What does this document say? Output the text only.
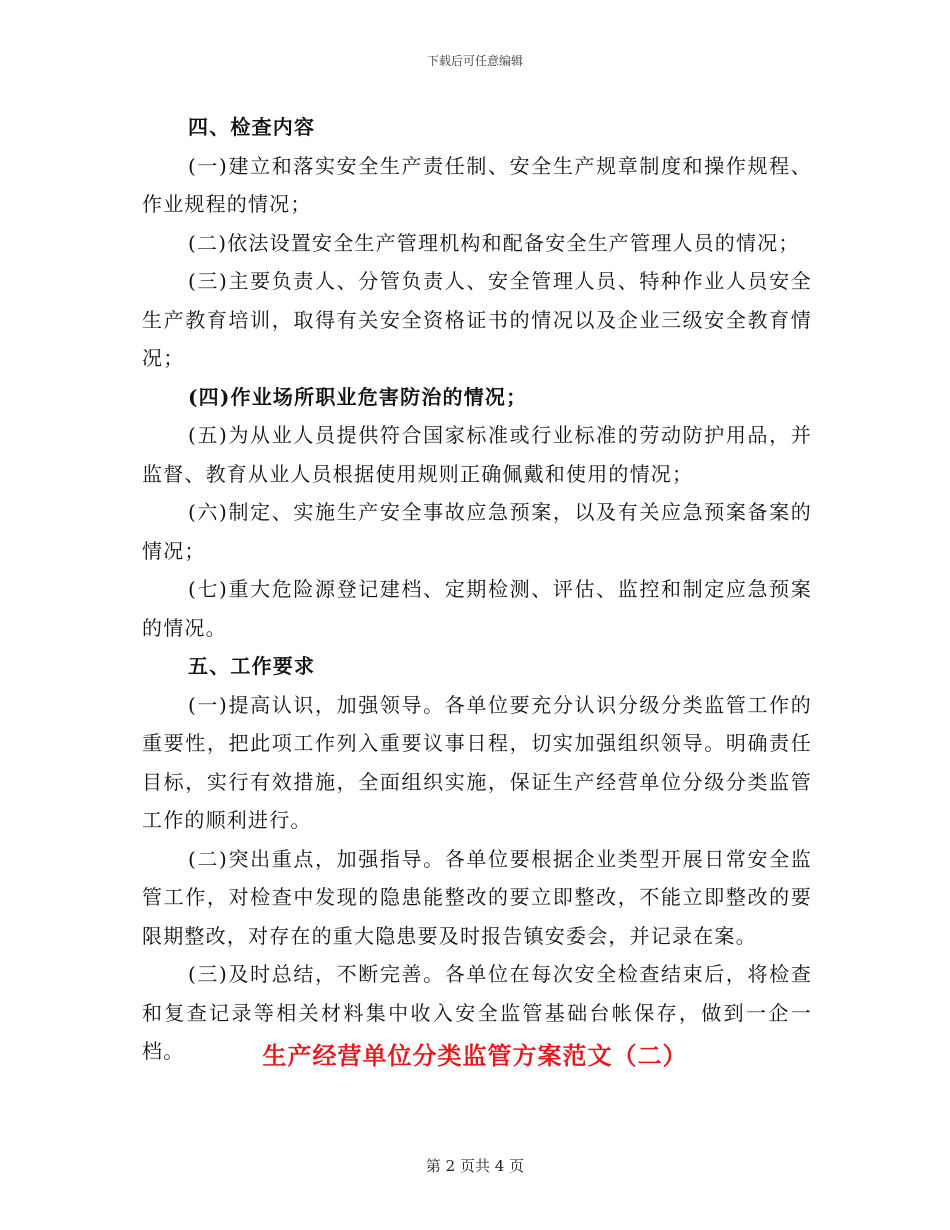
下载后可任意编辑

四、检查内容

(一)建立和落实安全生产责任制、安全生产规章制度和操作规程、作业规程的情况；

(二)依法设置安全生产管理机构和配备安全生产管理人员的情况；

(三)主要负责人、分管负责人、安全管理人员、特种作业人员安全生产教育培训，取得有关安全资格证书的情况以及企业三级安全教育情况；

(四)作业场所职业危害防治的情况；

(五)为从业人员提供符合国家标准或行业标准的劳动防护用品，并监督、教育从业人员根据使用规则正确佩戴和使用的情况；

(六)制定、实施生产安全事故应急预案，以及有关应急预案备案的情况；

(七)重大危险源登记建档、定期检测、评估、监控和制定应急预案的情况。

五、工作要求

(一)提高认识，加强领导。各单位要充分认识分级分类监管工作的重要性，把此项工作列入重要议事日程，切实加强组织领导。明确责任目标，实行有效措施，全面组织实施，保证生产经营单位分级分类监管工作的顺利进行。

(二)突出重点，加强指导。各单位要根据企业类型开展日常安全监管工作，对检查中发现的隐患能整改的要立即整改，不能立即整改的要限期整改，对存在的重大隐患要及时报告镇安委会，并记录在案。

(三)及时总结，不断完善。各单位在每次安全检查结束后，将检查和复查记录等相关材料集中收入安全监管基础台帐保存，做到一企一档。	生产经营单位分类监管方案范文（二）
第 2 页共 4 页
